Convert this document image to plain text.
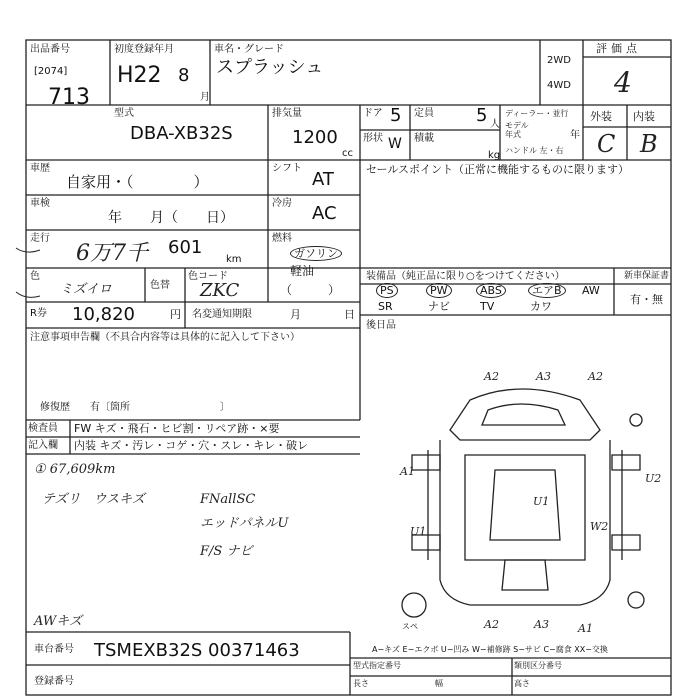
出品番号
[2074]
713
初度登録年月
H22 8
月
車名・グレード
スプラッシュ	2WD
4WD
評価点
4
外装 内装
C B
型式
DBA-XB32S
排気量
1200
cc
ドア 5
形状 W
定員 5 人
積載
kg
ディーラー・並行
モデル
年式	年
ハンドル 左・右
車歴
自家用・（　　　　）
シフト
AT
車検
年　　月（　　日）
冷房 AC
走行
6万7千 601
km
燃料
ガソリン
軽油
（　　　）
色
ミズイロ	色替
色コード
ZKC
R券 10,820	円 名変通知期限	月	日
注意事項申告欄（不具合内容等は具体的に記入して下さい）
修復歴　　有〔箇所　　　　　　　　　〕
検査員
記入欄
FW キズ・飛石・ヒビ割・リペア跡・×要
内装 キズ・汚レ・コゲ・穴・スレ・キレ・破レ
① 67,609km
テズリ　ウスキズ	FNallSC
エッドパネルU
F/S ナビ
AWキズ
セールスポイント（正常に機能するものに限ります）
装備品（純正品に限り○をつけてください）	新車保証書
有・無
PS	PW	ABS	エアB	AW
SR	ナビ	TV	カワ
後日品
A2	A3	A2
A1
U2
U1
U1	W2
A2	A3	A1
スペ
A−キズ E−エクボ U−凹み W−補修跡 S−サビ C−腐食 XX−交換
車台番号 TSMEXB32S 00371463
登録番号
型式指定番号	類別区分番号
長さ	幅	高さ
